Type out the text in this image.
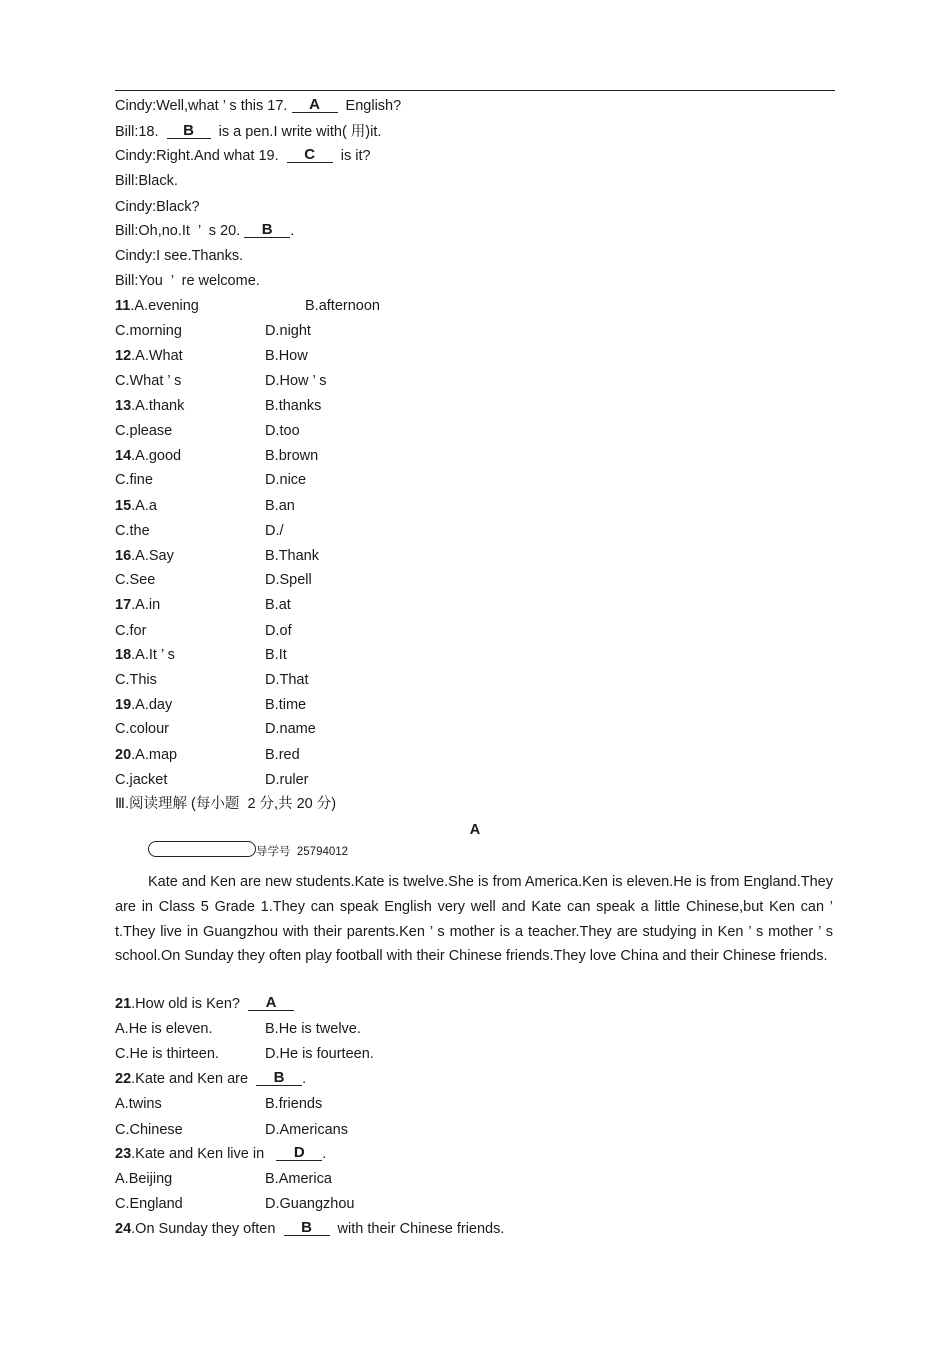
Cindy:Well,what ’ s this 17. A  English?
Bill:18.  B  is a pen.I write with( 用)it.
Cindy:Right.And what 19.  C  is it?
Bill:Black.
Cindy:Black?
Bill:Oh,no.It  ’  s 20. B .
Cindy:I see.Thanks.
Bill:You  ’  re welcome.
11.A.evening	B.afternoon
C.morning	D.night
12.A.What	B.How
C.What ’ s	D.How ’ s
13.A.thank	B.thanks
C.please	D.too
14.A.good	B.brown
C.fine	D.nice
15.A.a	B.an
C.the	D./
16.A.Say	B.Thank
C.See	D.Spell
17.A.in	B.at
C.for	D.of
18.A.It ’ s	B.It
C.This	D.That
19.A.day	B.time
C.colour	D.name
20.A.map	B.red
C.jacket	D.ruler
Ⅲ.阅读理解 (每小题  2 分,共 20 分)
A
导学号  25794012
Kate and Ken are new students.Kate is twelve.She is from America.Ken is eleven.He is from England.They are in Class 5 Grade 1.They can speak English very well and Kate can speak a little Chinese,but Ken can ’ t.They live in Guangzhou with their parents.Ken ’ s mother is a teacher.They are studying in Ken ’ s mother ’ s school.On Sunday they often play football with their Chinese friends.They love China and their Chinese friends.
21.How old is Ken?  A
A.He is eleven.	B.He is twelve.
C.He is thirteen.	D.He is fourteen.
22.Kate and Ken are  B .
A.twins	B.friends
C.Chinese	D.Americans
23.Kate and Ken live in   D .
A.Beijing	B.America
C.England	D.Guangzhou
24.On Sunday they often  B  with their Chinese friends.
